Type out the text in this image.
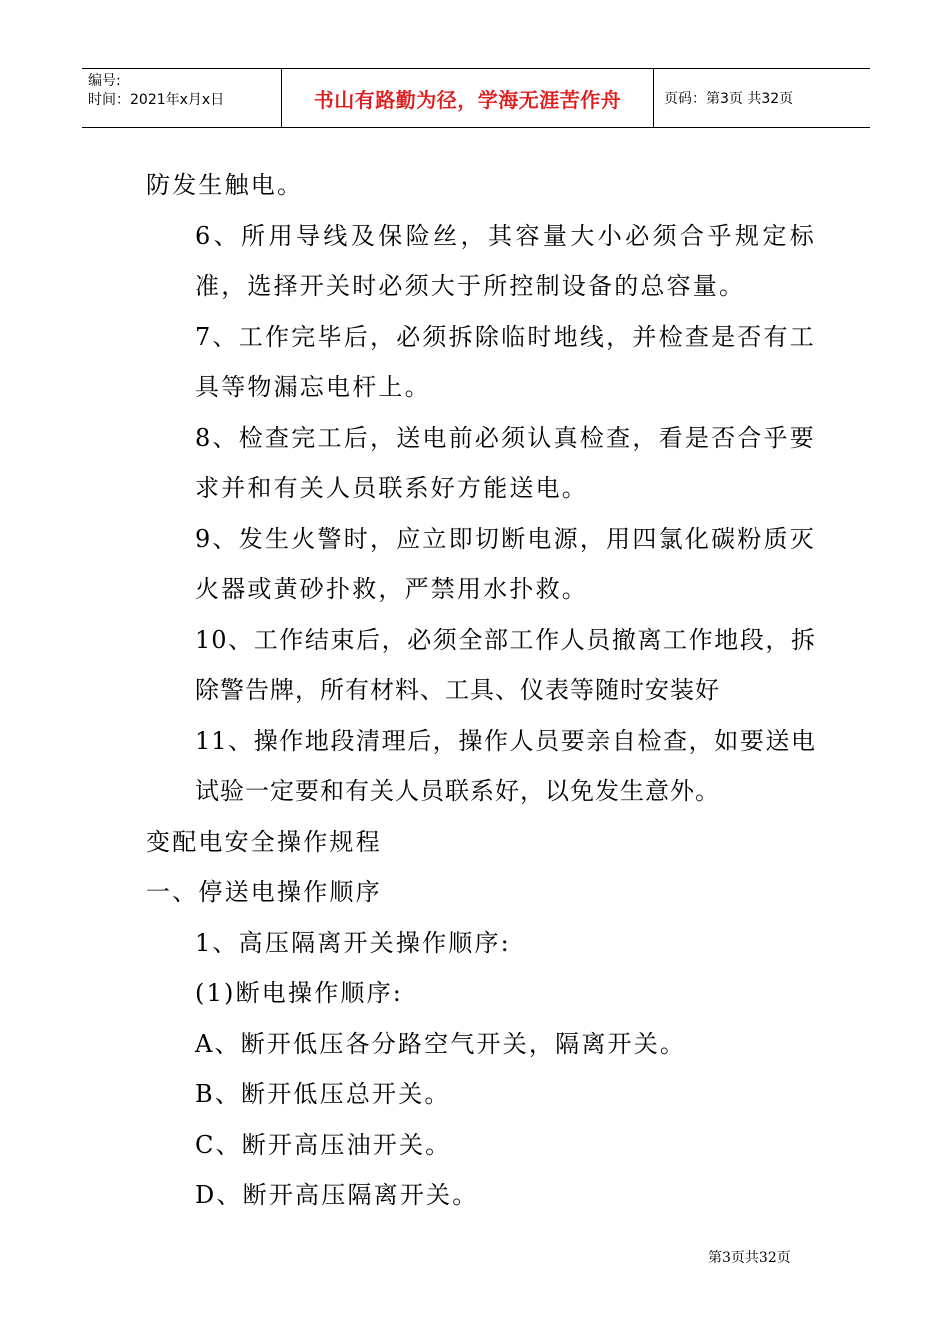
编号:
时间：2021年x月x日	书山有路勤为径，学海无涯苦作舟	页码：第3页 共32页

防发生触电。

6、所用导线及保险丝，其容量大小必须合乎规定标准，选择开关时必须大于所控制设备的总容量。

7、工作完毕后，必须拆除临时地线，并检查是否有工具等物漏忘电杆上。

8、检查完工后，送电前必须认真检查，看是否合乎要求并和有关人员联系好方能送电。

9、发生火警时，应立即切断电源，用四氯化碳粉质灭火器或黄砂扑救，严禁用水扑救。

10、工作结束后，必须全部工作人员撤离工作地段，拆除警告牌，所有材料、工具、仪表等随时安装好

11、操作地段清理后，操作人员要亲自检查，如要送电试验一定要和有关人员联系好，以免发生意外。

变配电安全操作规程

一、停送电操作顺序

1、高压隔离开关操作顺序:

(1)断电操作顺序:

A、断开低压各分路空气开关，隔离开关。

B、断开低压总开关。

C、断开高压油开关。

D、断开高压隔离开关。

第3页共32页
